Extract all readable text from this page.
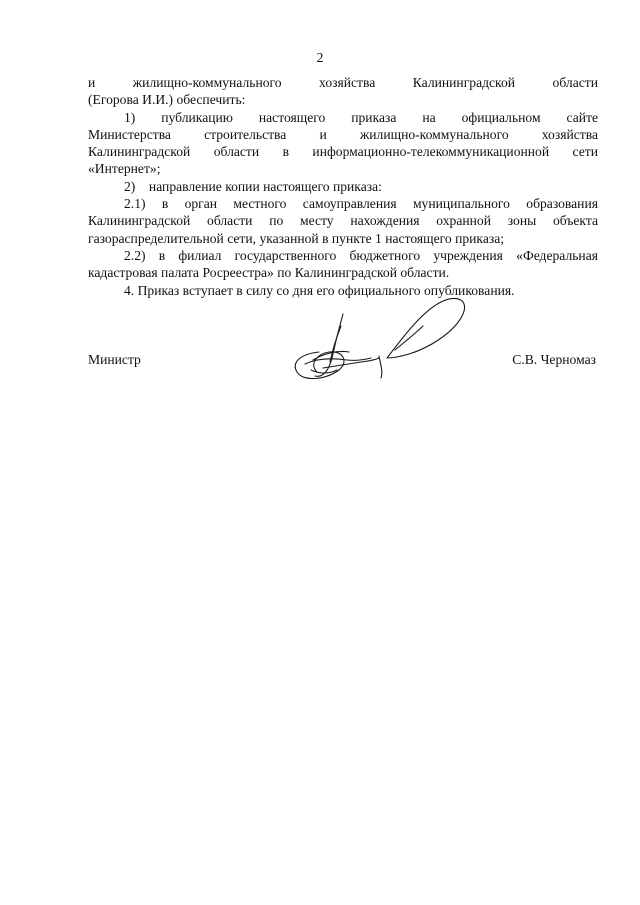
2
и жилищно-коммунального хозяйства Калининградской области
(Егорова И.И.) обеспечить:
1) публикацию настоящего приказа на официальном сайте
Министерства строительства и жилищно-коммунального хозяйства
Калининградской области в информационно-телекоммуникационной сети
«Интернет»;
2) направление копии настоящего приказа:
2.1) в орган местного самоуправления муниципального образования
Калининградской области по месту нахождения охранной зоны объекта
газораспределительной сети, указанной в пункте 1 настоящего приказа;
2.2) в филиал государственного бюджетного учреждения «Федеральная
кадастровая палата Росреестра» по Калининградской области.
4. Приказ вступает в силу со дня его официального опубликования.
Министр	С.В. Черномаз
